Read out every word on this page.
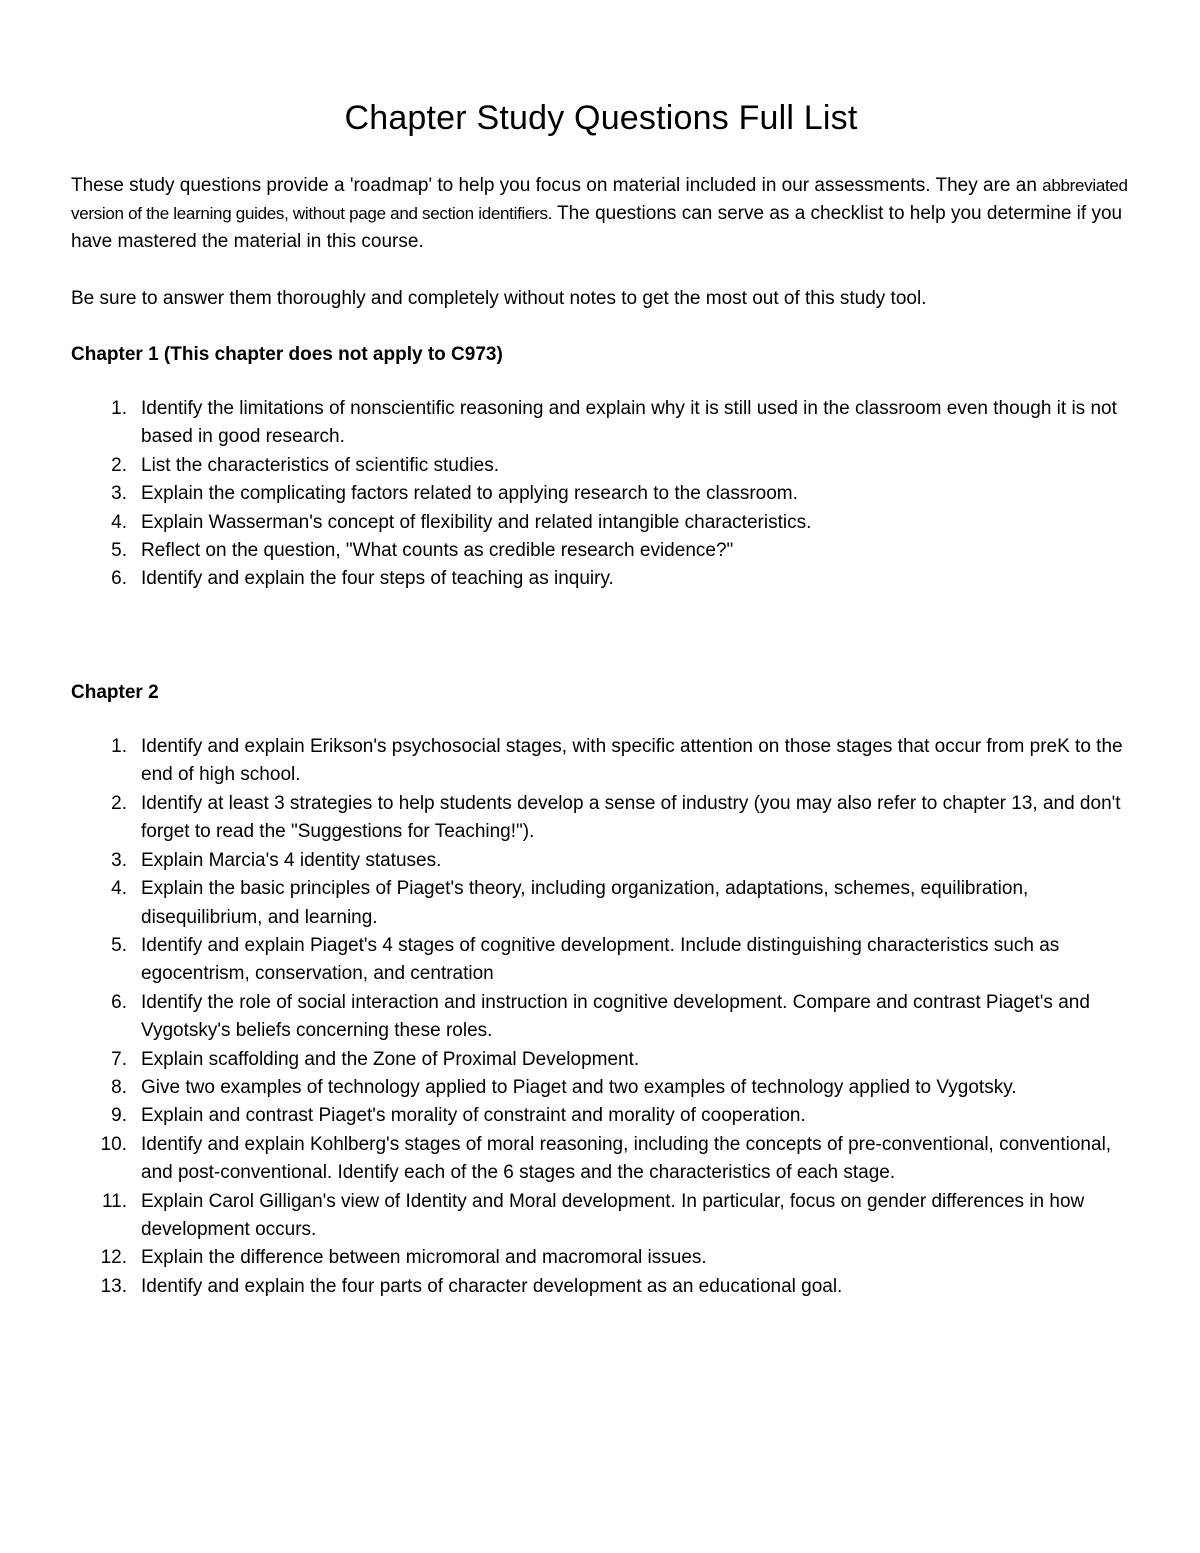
Chapter Study Questions Full List

These study questions provide a 'roadmap' to help you focus on material included in our assessments. They are an abbreviated version of the learning guides, without page and section identifiers. The questions can serve as a checklist to help you determine if you have mastered the material in this course.

Be sure to answer them thoroughly and completely without notes to get the most out of this study tool.

Chapter 1 (This chapter does not apply to C973)
1. Identify the limitations of nonscientific reasoning and explain why it is still used in the classroom even though it is not based in good research.
2. List the characteristics of scientific studies.
3. Explain the complicating factors related to applying research to the classroom.
4. Explain Wasserman's concept of flexibility and related intangible characteristics.
5. Reflect on the question, "What counts as credible research evidence?"
6. Identify and explain the four steps of teaching as inquiry.
Chapter 2
1. Identify and explain Erikson's psychosocial stages, with specific attention on those stages that occur from preK to the end of high school.
2. Identify at least 3 strategies to help students develop a sense of industry (you may also refer to chapter 13, and don't forget to read the "Suggestions for Teaching!").
3. Explain Marcia's 4 identity statuses.
4. Explain the basic principles of Piaget's theory, including organization, adaptations, schemes, equilibration, disequilibrium, and learning.
5. Identify and explain Piaget's 4 stages of cognitive development. Include distinguishing characteristics such as egocentrism, conservation, and centration
6. Identify the role of social interaction and instruction in cognitive development. Compare and contrast Piaget's and Vygotsky's beliefs concerning these roles.
7. Explain scaffolding and the Zone of Proximal Development.
8. Give two examples of technology applied to Piaget and two examples of technology applied to Vygotsky.
9. Explain and contrast Piaget's morality of constraint and morality of cooperation.
10. Identify and explain Kohlberg's stages of moral reasoning, including the concepts of pre-conventional, conventional, and post-conventional. Identify each of the 6 stages and the characteristics of each stage.
11. Explain Carol Gilligan's view of Identity and Moral development. In particular, focus on gender differences in how development occurs.
12. Explain the difference between micromoral and macromoral issues.
13. Identify and explain the four parts of character development as an educational goal.
